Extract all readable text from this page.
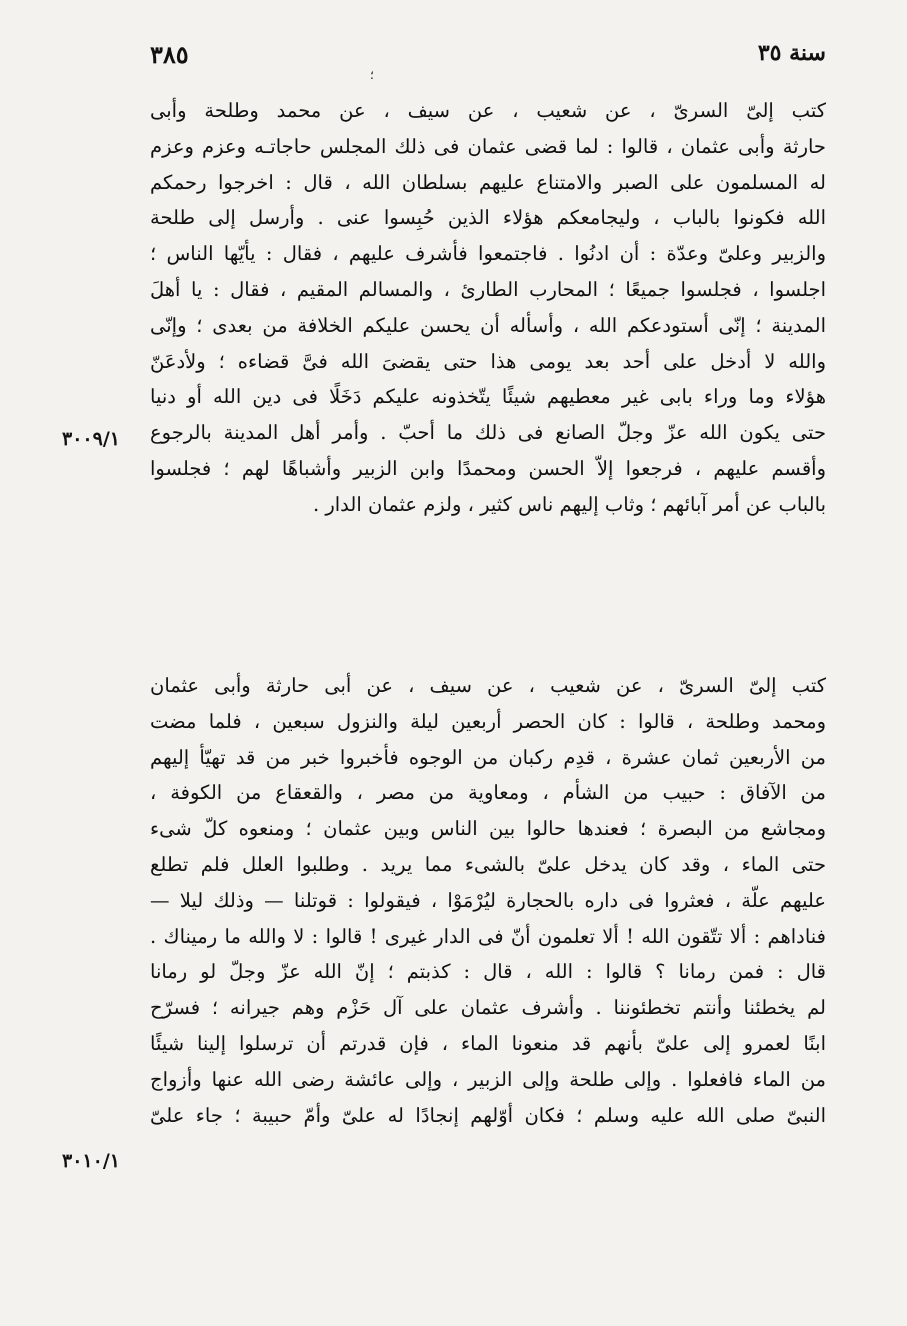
سنة ٣٥
؛
٣٨٥
كتب إلىّ السرىّ ، عن شعيب ، عن سيف ، عن محمد وطلحة وأبى
حارثة وأبى عثمان ، قالوا : لما قضى عثمان فى ذلك المجلس حاجاتـه وعزم وعزم
له المسلمون على الصبر والامتناع عليهم بسلطان الله ، قال : اخرجوا رحمكم
الله فكونوا بالباب ، وليجامعكم هؤلاء الذين حُبِسوا عنى . وأرسل إلى طلحة
والزبير وعلىّ وعدّة : أن ادنُوا . فاجتمعوا فأشرف عليهم ، فقال : يأيّها الناس ؛
اجلسوا ، فجلسوا جميعًا ؛ المحارب الطارئ ، والمسالم المقيم ، فقال : يا أهلَ
المدينة ؛ إنّى أستودعكم الله ، وأسأله أن يحسن عليكم الخلافة من بعدى ؛ وإنّى
والله لا أدخل على أحد بعد يومى هذا حتى يقضىَ الله فىَّ قضاءه ؛ ولأدعَنّ
هؤلاء وما وراء بابى غير معطيهم شيئًا يتّخذونه عليكم دَخَلًا فى دين الله أو دنيا
حتى يكون الله عزّ وجلّ الصانع فى ذلك ما أحبّ . وأمر أهل المدينة بالرجوع
وأقسم عليهم ، فرجعوا إلاّ الحسن ومحمدًا وابن الزبير وأشباهًا لهم ؛ فجلسوا
بالباب عن أمر آبائهم ؛ وثاب إليهم ناس كثير ، ولزم عثمان الدار .
٣٠٠٩/١
كتب إلىّ السرىّ ، عن شعيب ، عن سيف ، عن أبى حارثة وأبى عثمان
ومحمد وطلحة ، قالوا : كان الحصر أربعين ليلة والنزول سبعين ، فلما مضت
من الأربعين ثمان عشرة ، قدِم ركبان من الوجوه فأخبروا خبر من قد تهيّأ إليهم
من الآفاق : حبيب من الشأم ، ومعاوية من مصر ، والقعقاع من الكوفة ،
ومجاشع من البصرة ؛ فعندها حالوا بين الناس وبين عثمان ؛ ومنعوه كلّ شىء
حتى الماء ، وقد كان يدخل علىّ بالشىء مما يريد . وطلبوا العلل فلم تطلع
عليهم علّة ، فعثروا فى داره بالحجارة ليُرْمَوْا ، فيقولوا : قوتلنا — وذلك ليلا —
فناداهم : ألا تتّقون الله ! ألا تعلمون أنّ فى الدار غيرى ! قالوا : لا والله ما رميناك .
قال : فمن رمانا ؟ قالوا : الله ، قال : كذبتم ؛ إنّ الله عزّ وجلّ لو رمانا
لم يخطئنا وأنتم تخطئوننا . وأشرف عثمان على آل حَزْم وهم جيرانه ؛ فسرّح
ابنًا لعمرو إلى علىّ بأنهم قد منعونا الماء ، فإن قدرتم أن ترسلوا إلينا شيئًا
من الماء فافعلوا . وإلى طلحة وإلى الزبير ، وإلى عائشة رضى الله عنها وأزواج
النبىّ صلى الله عليه وسلم ؛ فكان أوّلهم إنجادًا له علىّ وأمّ حبيبة ؛ جاء علىّ
٣٠١٠/١
